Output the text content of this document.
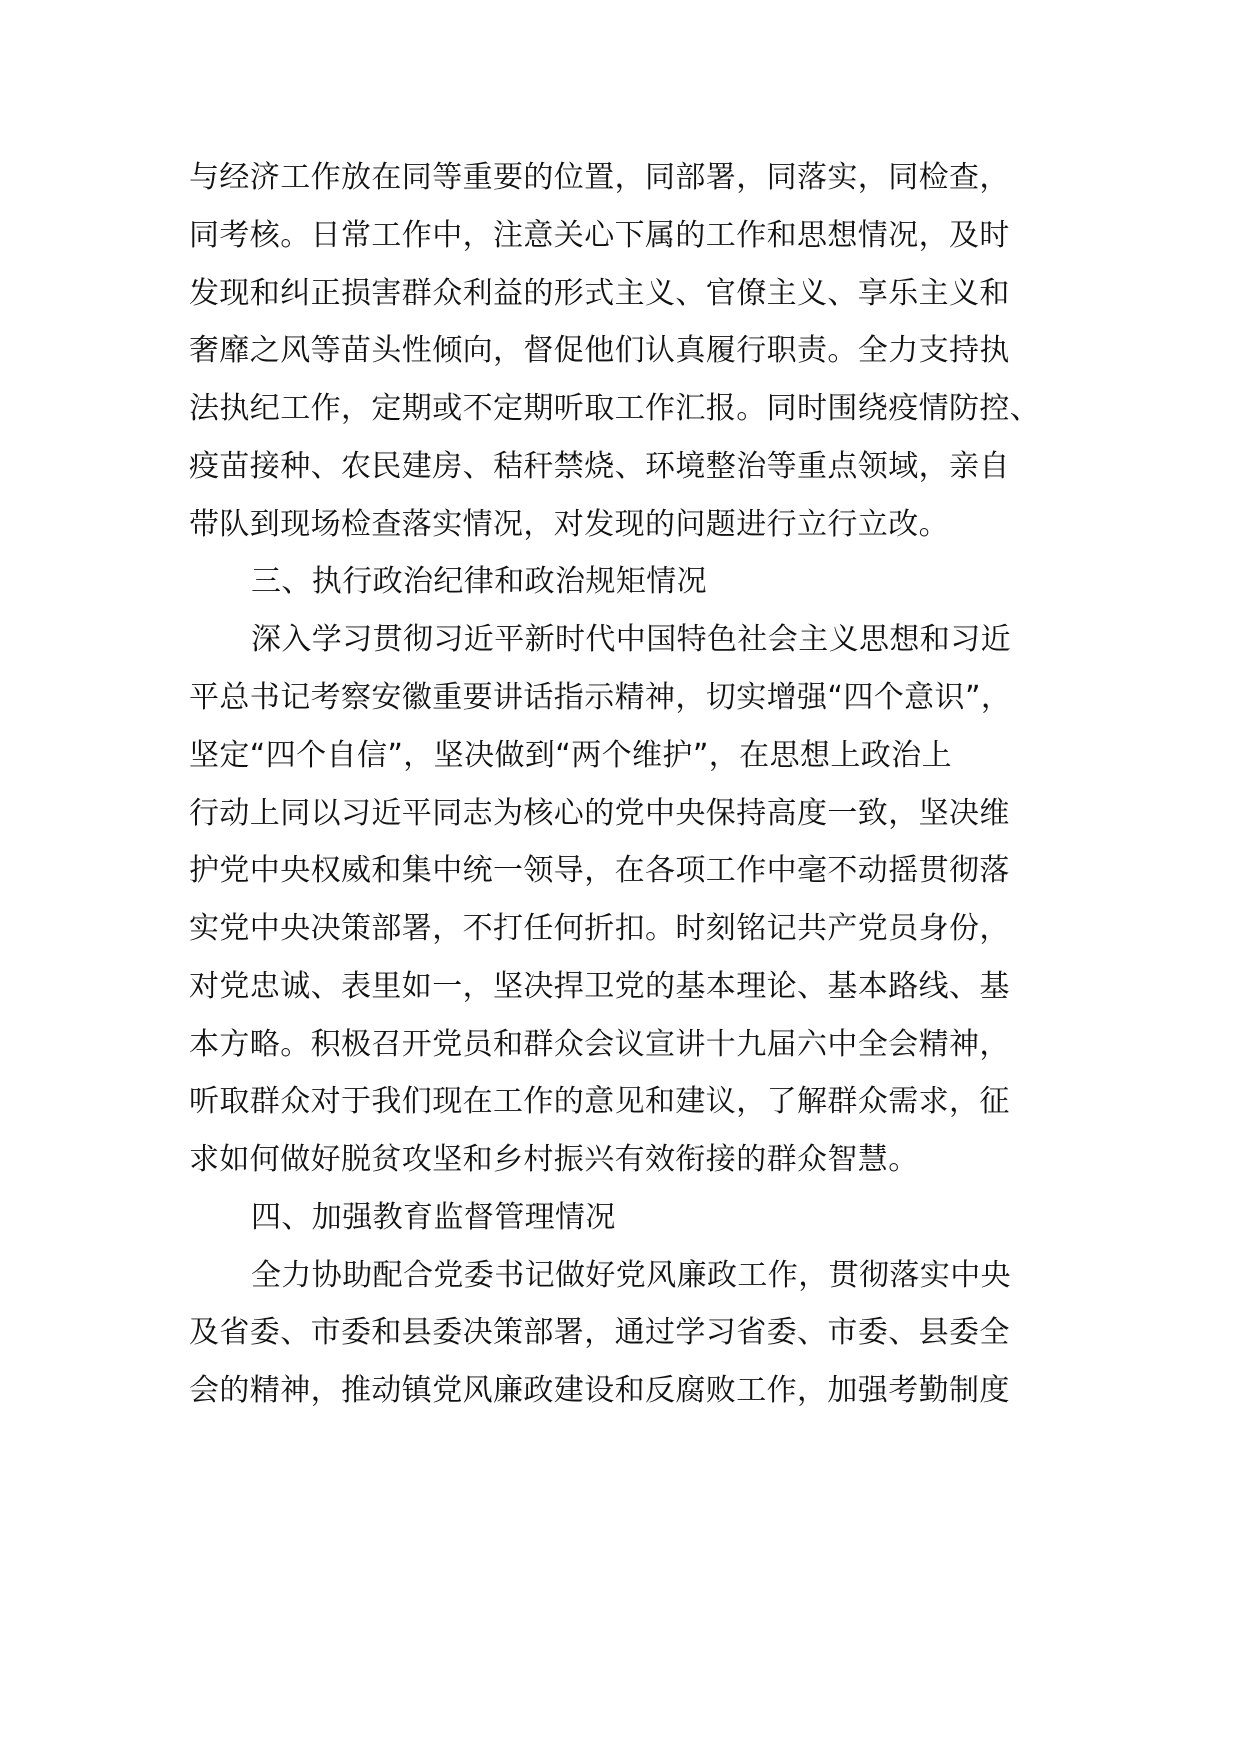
与经济工作放在同等重要的位置，同部署，同落实，同检查，
同考核。日常工作中，注意关心下属的工作和思想情况，及时
发现和纠正损害群众利益的形式主义、官僚主义、享乐主义和
奢靡之风等苗头性倾向，督促他们认真履行职责。全力支持执
法执纪工作，定期或不定期听取工作汇报。同时围绕疫情防控、
疫苗接种、农民建房、秸秆禁烧、环境整治等重点领域，亲自
带队到现场检查落实情况，对发现的问题进行立行立改。
三、执行政治纪律和政治规矩情况
深入学习贯彻习近平新时代中国特色社会主义思想和习近
平总书记考察安徽重要讲话指示精神，切实增强“四个意识”，
坚定“四个自信”，坚决做到“两个维护”，在思想上政治上
行动上同以习近平同志为核心的党中央保持高度一致，坚决维
护党中央权威和集中统一领导，在各项工作中毫不动摇贯彻落
实党中央决策部署，不打任何折扣。时刻铭记共产党员身份，
对党忠诚、表里如一，坚决捍卫党的基本理论、基本路线、基
本方略。积极召开党员和群众会议宣讲十九届六中全会精神，
听取群众对于我们现在工作的意见和建议，了解群众需求，征
求如何做好脱贫攻坚和乡村振兴有效衔接的群众智慧。
四、加强教育监督管理情况
全力协助配合党委书记做好党风廉政工作，贯彻落实中央
及省委、市委和县委决策部署，通过学习省委、市委、县委全
会的精神，推动镇党风廉政建设和反腐败工作，加强考勤制度
